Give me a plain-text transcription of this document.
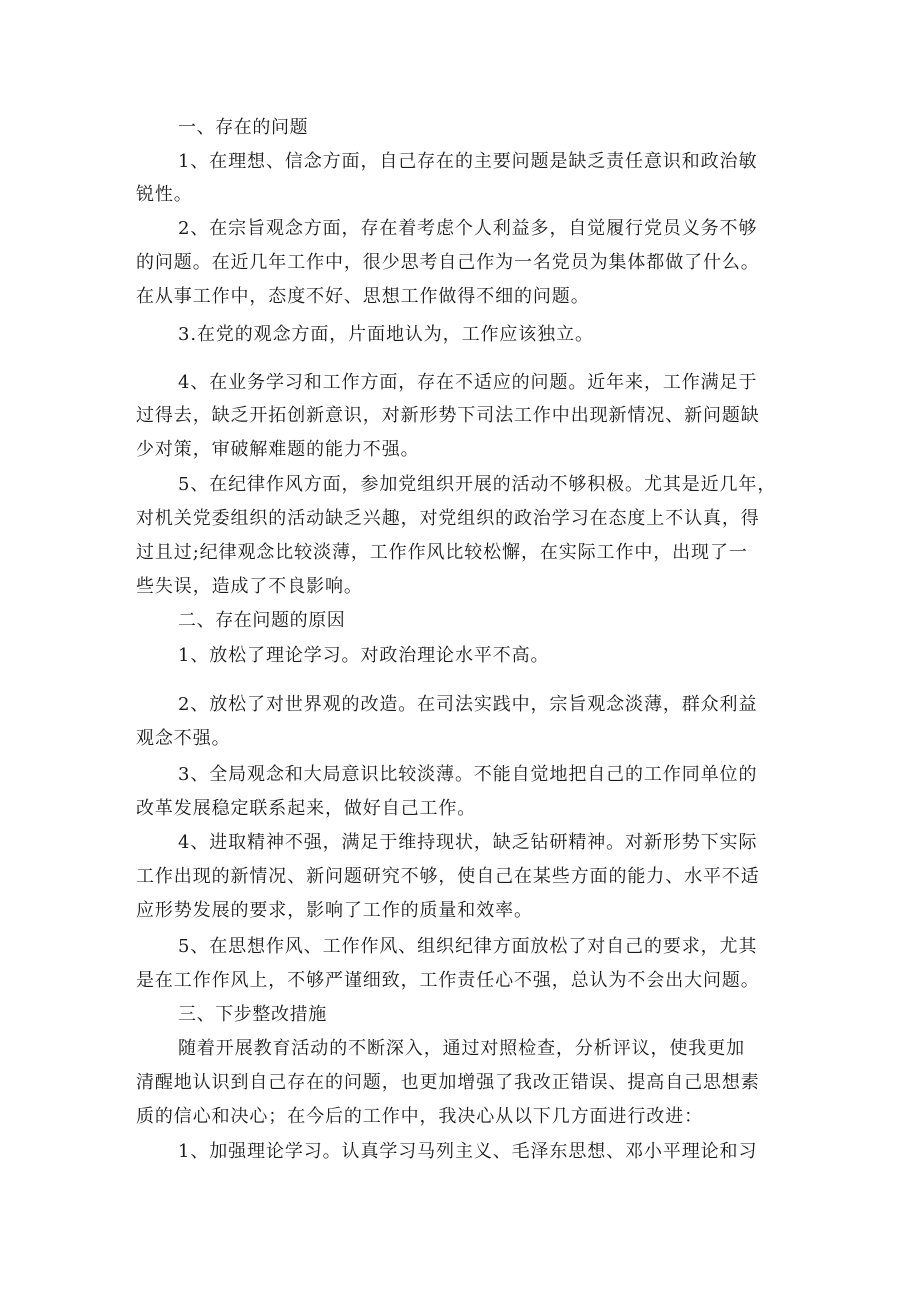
一、存在的问题
1、在理想、信念方面，自己存在的主要问题是缺乏责任意识和政治敏
锐性。
2、在宗旨观念方面，存在着考虑个人利益多，自觉履行党员义务不够
的问题。在近几年工作中，很少思考自己作为一名党员为集体都做了什么。
在从事工作中，态度不好、思想工作做得不细的问题。
3.在党的观念方面，片面地认为，工作应该独立。
4、在业务学习和工作方面，存在不适应的问题。近年来，工作满足于
过得去，缺乏开拓创新意识，对新形势下司法工作中出现新情况、新问题缺
少对策，审破解难题的能力不强。
5、在纪律作风方面，参加党组织开展的活动不够积极。尤其是近几年，
对机关党委组织的活动缺乏兴趣，对党组织的政治学习在态度上不认真，得
过且过;纪律观念比较淡薄，工作作风比较松懈，在实际工作中，出现了一
些失误，造成了不良影响。
二、存在问题的原因
1、放松了理论学习。对政治理论水平不高。
2、放松了对世界观的改造。在司法实践中，宗旨观念淡薄，群众利益
观念不强。
3、全局观念和大局意识比较淡薄。不能自觉地把自己的工作同单位的
改革发展稳定联系起来，做好自己工作。
4、进取精神不强，满足于维持现状，缺乏钻研精神。对新形势下实际
工作出现的新情况、新问题研究不够，使自己在某些方面的能力、水平不适
应形势发展的要求，影响了工作的质量和效率。
5、在思想作风、工作作风、组织纪律方面放松了对自己的要求，尤其
是在工作作风上，不够严谨细致，工作责任心不强，总认为不会出大问题。
三、下步整改措施
随着开展教育活动的不断深入，通过对照检查，分析评议，使我更加
清醒地认识到自己存在的问题，也更加增强了我改正错误、提高自己思想素
质的信心和决心；在今后的工作中，我决心从以下几方面进行改进：
1、加强理论学习。认真学习马列主义、毛泽东思想、邓小平理论和习
